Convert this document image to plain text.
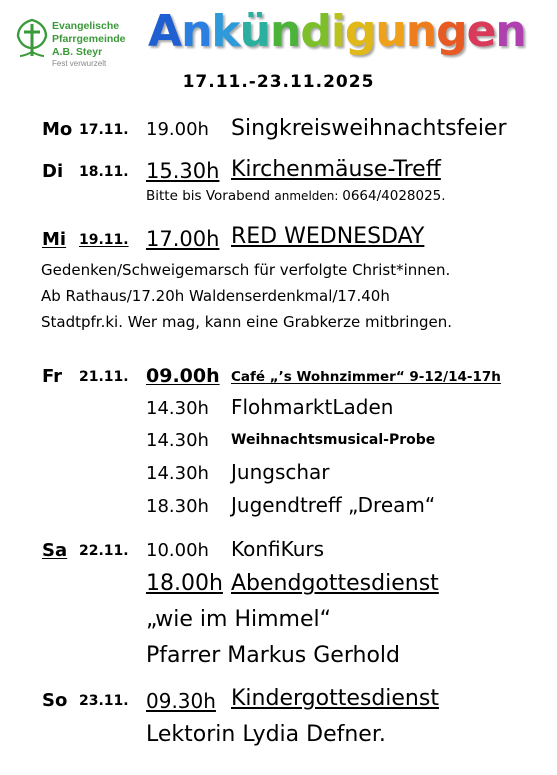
Evangelische
Pfarrgemeinde
A.B. Steyr
Fest verwurzelt
Ankündigungen
17.11.-23.11.2025
Mo 17.11. 19.00h Singkreisweihnachtsfeier
Di 18.11. 15.30h Kirchenmäuse-Treff
Bitte bis Vorabend anmelden: 0664/4028025.
Mi 19.11. 17.00h RED WEDNESDAY
Gedenken/Schweigemarsch für verfolgte Christ*innen.
Ab Rathaus/17.20h Waldenserdenkmal/17.40h
Stadtpfr.ki. Wer mag, kann eine Grabkerze mitbringen.
Fr 21.11. 09.00h Café „’s Wohnzimmer“ 9-12/14-17h
14.30h FlohmarktLaden
14.30h Weihnachtsmusical-Probe
14.30h Jungschar
18.30h Jugendtreff „Dream“
Sa 22.11. 10.00h KonfiKurs
18.00h Abendgottesdienst
„wie im Himmel“
Pfarrer Markus Gerhold
So 23.11. 09.30h Kindergottesdienst
Lektorin Lydia Defner.
